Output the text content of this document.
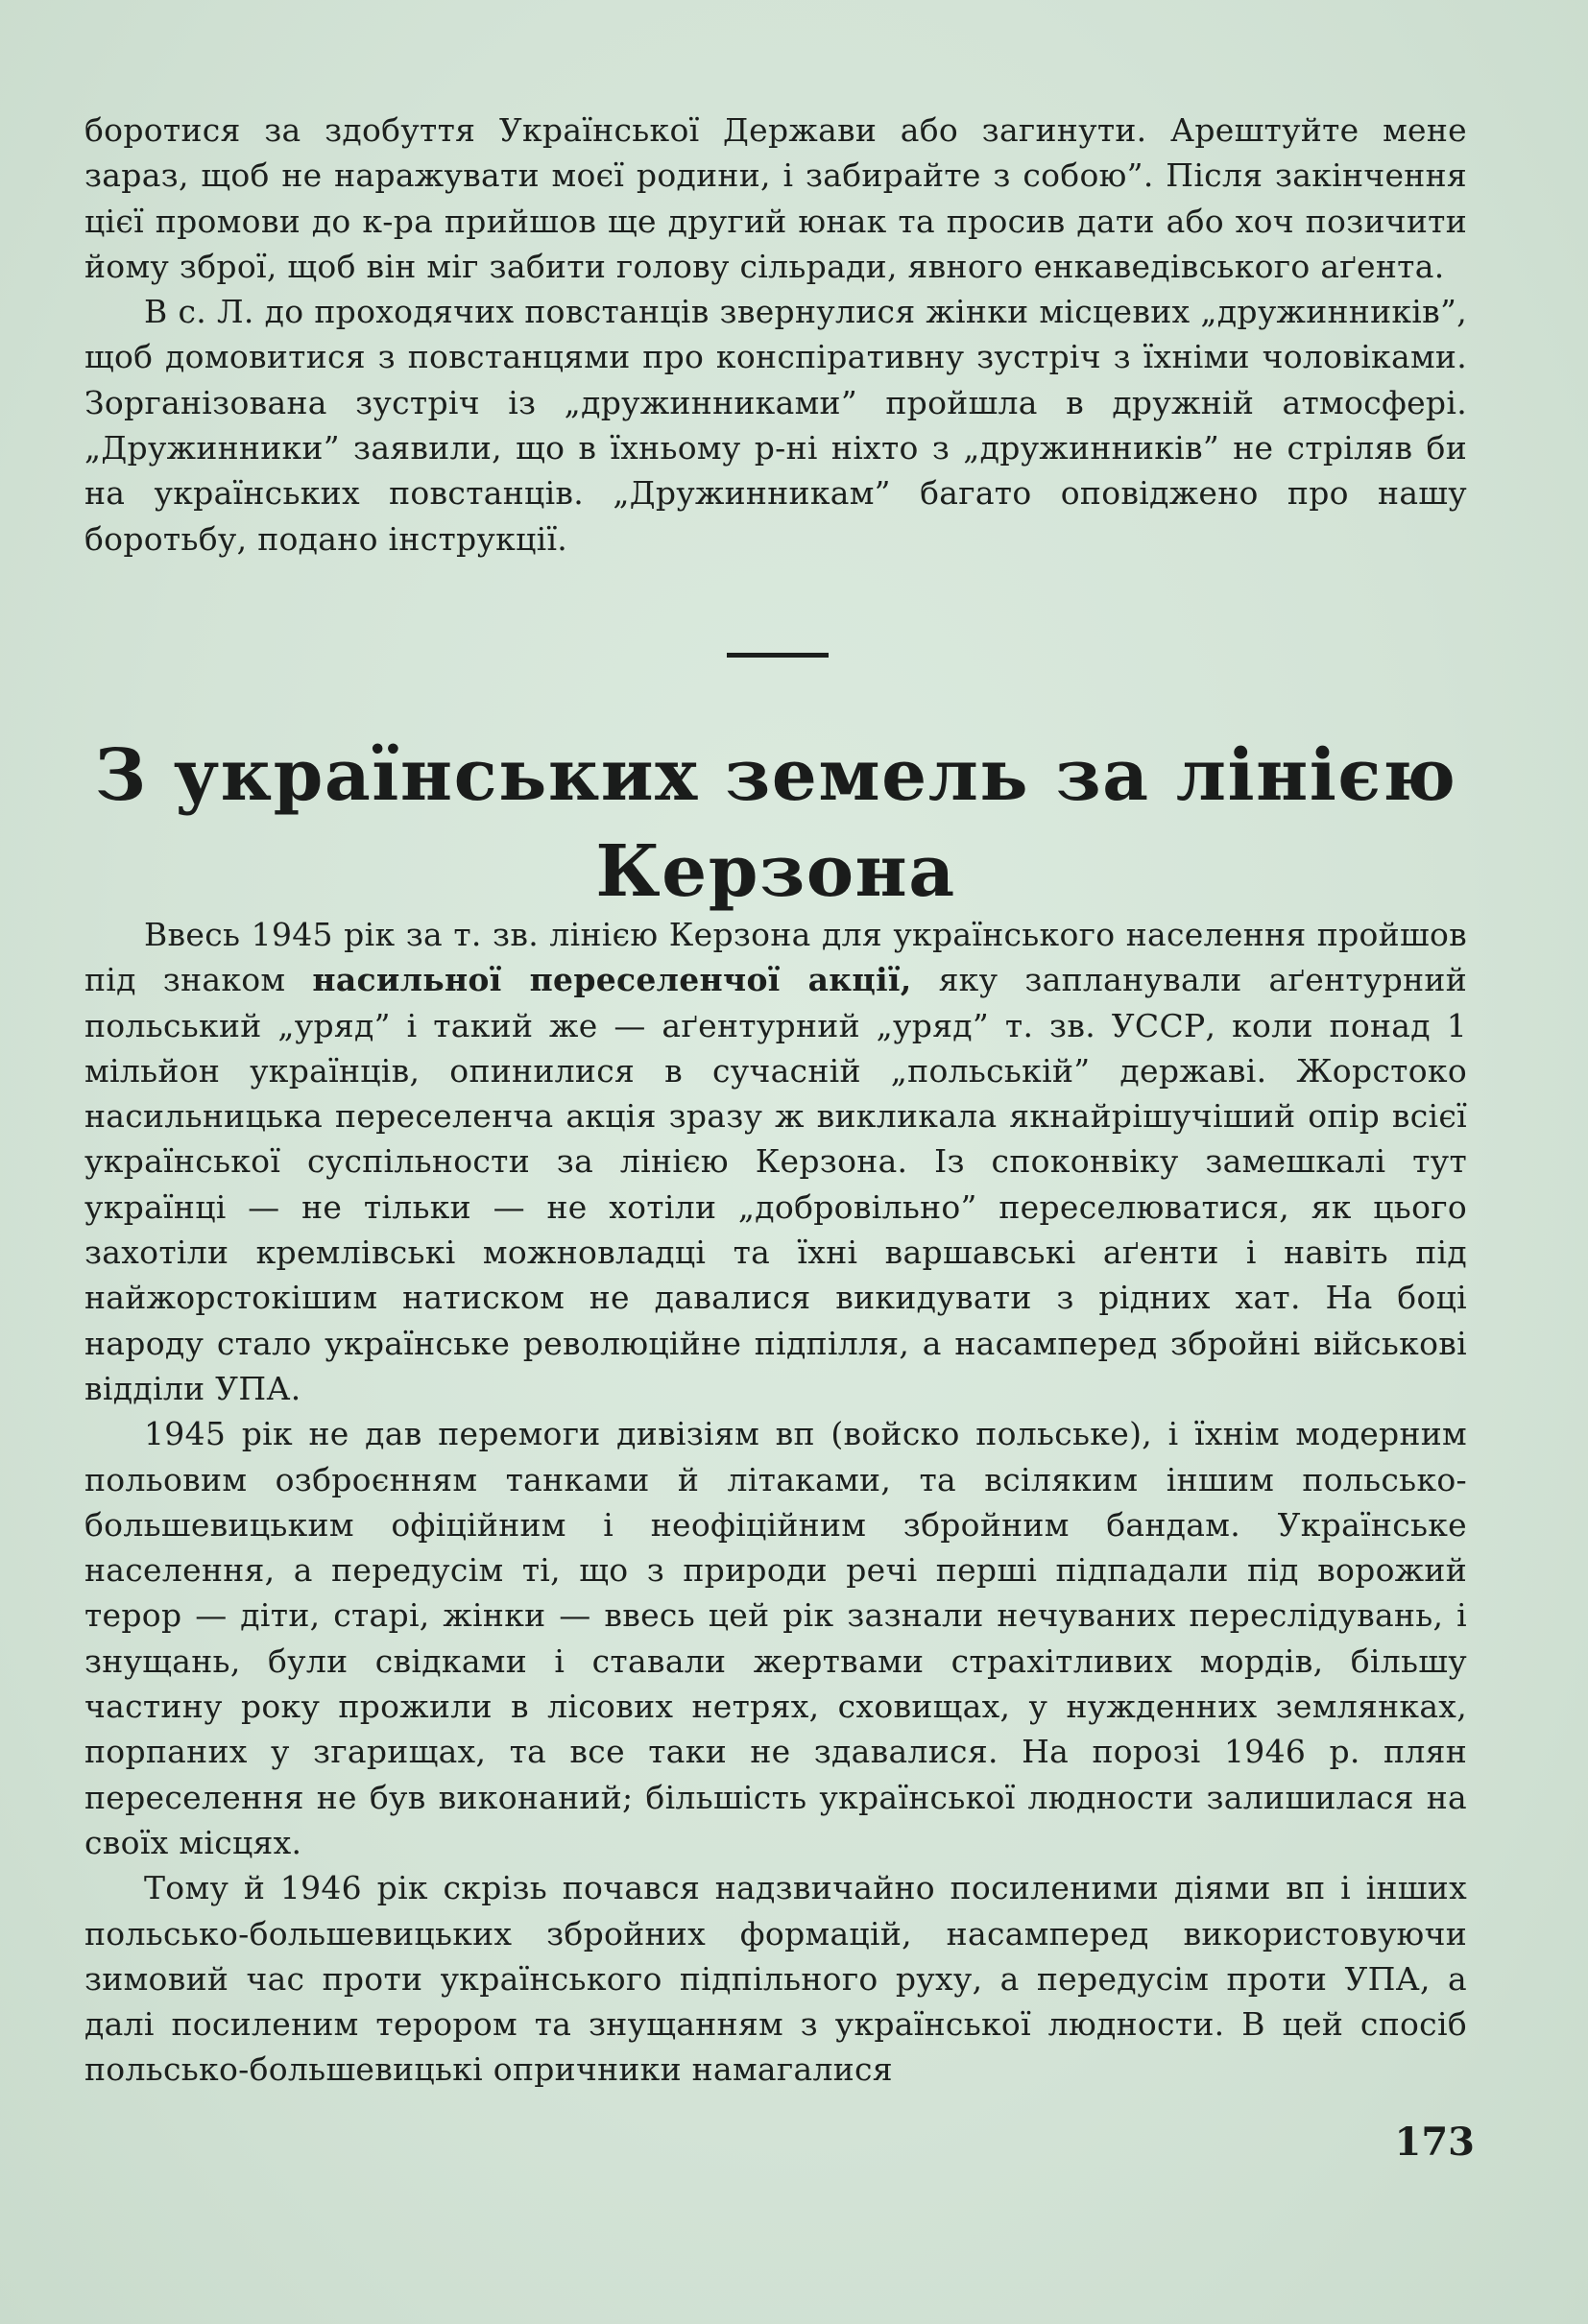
боротися за здобуття Української Держави або загинути. Арештуйте мене зараз, щоб не наражувати моєї родини, і забирайте з собою”. Після закінчення цієї промови до к-ра прийшов ще другий юнак та просив дати або хоч позичити йому зброї, щоб він міг забити голову сільради, явного енкаведівського аґента.

В с. Л. до проходячих повстанців звернулися жінки місцевих „дружинників”, щоб домовитися з повстанцями про конспіративну зустріч з їхніми чоловіками. Зорганізована зустріч із „дружинниками” пройшла в дружній атмосфері. „Дружинники” заявили, що в їхньому р-ні ніхто з „дружинників” не стріляв би на українських повстанців. „Дружинникам” багато оповіджено про нашу боротьбу, подано інструкції.

З українських земель за лінією Керзона

Ввесь 1945 рік за т. зв. лінією Керзона для українського населення пройшов під знаком насильної переселенчої акції, яку запланували аґентурний польський „уряд” і такий же — аґентурний „уряд” т. зв. УССР, коли понад 1 мільйон українців, опинилися в сучасній „польській” державі. Жорстоко насильницька переселенча акція зразу ж викликала якнайрішучіший опір всієї української суспільности за лінією Керзона. Із споконвіку замешкалі тут українці — не тільки — не хотіли „добровільно” переселюватися, як цього захотіли кремлівські можновладці та їхні варшавські аґенти і навіть під найжорстокішим натиском не давалися викидувати з рідних хат. На боці народу стало українське революційне підпілля, а насамперед збройні військові відділи УПА.

1945 рік не дав перемоги дивізіям вп (войско польське), і їхнім модерним польовим озброєнням танками й літаками, та всіляким іншим польсько-большевицьким офіційним і неофіційним збройним бандам. Українське населення, а передусім ті, що з природи речі перші підпадали під ворожий терор — діти, старі, жінки — ввесь цей рік зазнали нечуваних переслідувань, і знущань, були свідками і ставали жертвами страхітливих мордів, більшу частину року прожили в лісових нетрях, сховищах, у нужденних землянках, порпаних у згарищах, та все таки не здавалися. На порозі 1946 р. плян переселення не був виконаний; більшість української людности залишилася на своїх місцях.

Тому й 1946 рік скрізь почався надзвичайно посиленими діями вп і інших польсько-большевицьких збройних формацій, насамперед використовуючи зимовий час проти українського підпільного руху, а передусім проти УПА, а далі посиленим терором та знущанням з української людности. В цей спосіб польсько-большевицькі опричники намагалися

173
